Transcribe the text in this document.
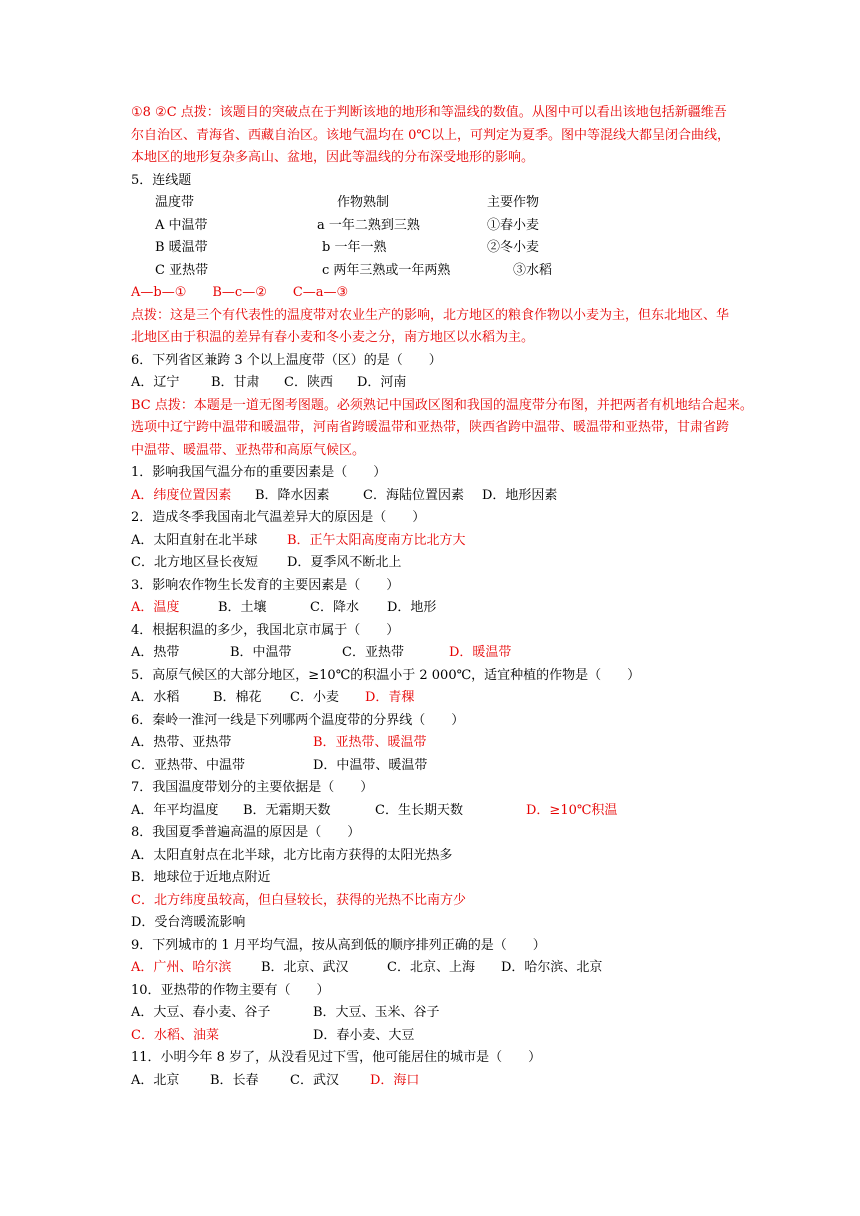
①8 ②C 点拨：该题目的突破点在于判断该地的地形和等温线的数值。从图中可以看出该地包括新疆维吾
尔自治区、青海省、西藏自治区。该地气温均在 0℃以上，可判定为夏季。图中等混线大都呈闭合曲线，
本地区的地形复杂多高山、盆地，因此等温线的分布深受地形的影响。
5．连线题
温度带	作物熟制	主要作物
A 中温带	a 一年二熟到三熟	①春小麦
B 暖温带	b 一年一熟	②冬小麦
C 亚热带	c 两年三熟或一年两熟	③水稻
A—b—①　　B—c—②　　C—a—③
点拨：这是三个有代表性的温度带对农业生产的影响，北方地区的粮食作物以小麦为主，但东北地区、华
北地区由于积温的差异有春小麦和冬小麦之分，南方地区以水稻为主。
6．下列省区兼跨 3 个以上温度带（区）的是（　　）
A．辽宁 B．甘肃 C．陕西 D．河南
BC 点拨：本题是一道无图考图题。必须熟记中国政区图和我国的温度带分布图，并把两者有机地结合起来。
选项中辽宁跨中温带和暖温带，河南省跨暖温带和亚热带，陕西省跨中温带、暖温带和亚热带，甘肃省跨
中温带、暖温带、亚热带和高原气候区。
1．影响我国气温分布的重要因素是（　　）
A．纬度位置因素 B．降水因素	C．海陆位置因素 D．地形因素
2．造成冬季我国南北气温差异大的原因是（　　）
A．太阳直射在北半球 B．正午太阳高度南方比北方大
C．北方地区昼长夜短 D．夏季风不断北上
3．影响农作物生长发育的主要因素是（　　）
A．温度	B．土壤	C．降水 D．地形
4．根据积温的多少，我国北京市属于（　　）
A．热带	B．中温带	C．亚热带	D．暖温带
5．高原气候区的大部分地区，≥10℃的积温小于 2 000℃，适宜种植的作物是（　　）
A．水稻	B．棉花 C．小麦 D．青稞
6．秦岭一淮河一线是下列哪两个温度带的分界线（　　）
A．热带、亚热带	B．亚热带、暖温带
C．亚热带、中温带	D．中温带、暖温带
7．我国温度带划分的主要依据是（　　）
A．年平均温度 B．无霜期天数	C．生长期天数	D．≥10℃积温
8．我国夏季普遍高温的原因是（　　）
A．太阳直射点在北半球，北方比南方获得的太阳光热多
B．地球位于近地点附近
C．北方纬度虽较高，但白昼较长，获得的光热不比南方少
D．受台湾暖流影响
9．下列城市的 1 月平均气温，按从高到低的顺序排列正确的是（　　）
A．广州、哈尔滨 B．北京、武汉	C．北京、上海 D．哈尔滨、北京
10．亚热带的作物主要有（　　）
A．大豆、春小麦、谷子	B．大豆、玉米、谷子
C．水稻、油菜	D．春小麦、大豆
11．小明今年 8 岁了，从没看见过下雪，他可能居住的城市是（　　）
A．北京 B．长春 C．武汉 D．海口
